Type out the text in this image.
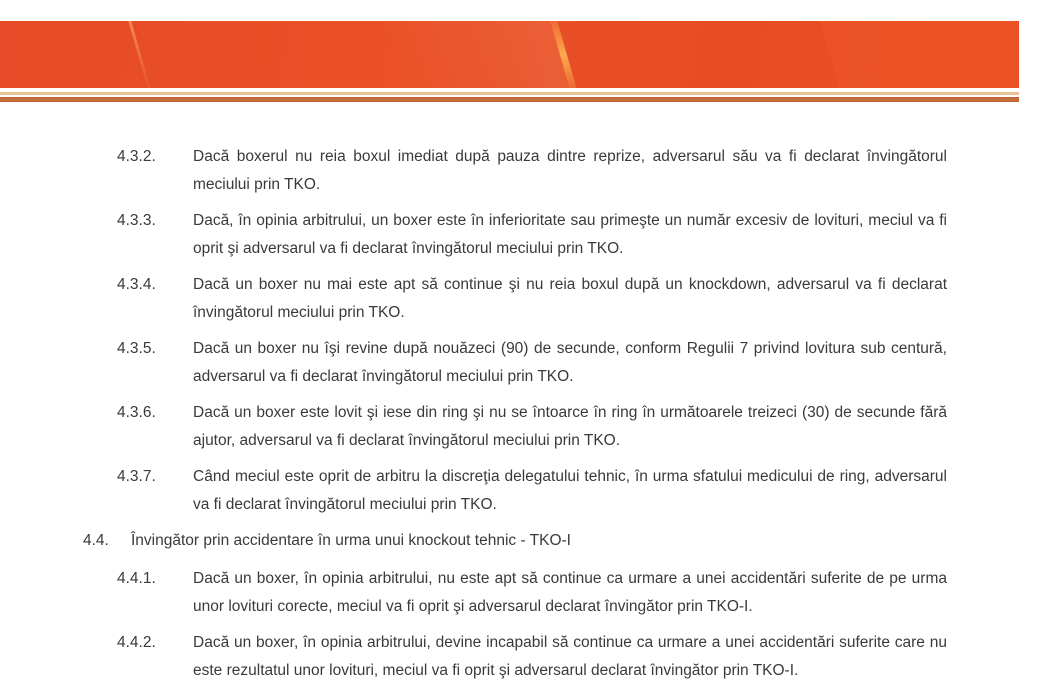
4.3.2.	Dacă boxerul nu reia boxul imediat după pauza dintre reprize, adversarul său va fi declarat învingătorul meciului prin TKO.
4.3.3.	Dacă, în opinia arbitrului, un boxer este în inferioritate sau primeşte un număr excesiv de lovituri, meciul va fi oprit şi adversarul va fi declarat învingătorul meciului prin TKO.
4.3.4.	Dacă un boxer nu mai este apt să continue şi nu reia boxul după un knockdown, adversarul va fi declarat învingătorul meciului prin TKO.
4.3.5.	Dacă un boxer nu îşi revine după nouăzeci (90) de secunde, conform Regulii 7 privind lovitura sub centură, adversarul va fi declarat învingătorul meciului prin TKO.
4.3.6.	Dacă un boxer este lovit şi iese din ring şi nu se întoarce în ring în următoarele treizeci (30) de secunde fără ajutor, adversarul va fi declarat învingătorul meciului prin TKO.
4.3.7.	Când meciul este oprit de arbitru la discreţia delegatului tehnic, în urma sfatului medicului de ring, adversarul va fi declarat învingătorul meciului prin TKO.
4.4.	Învingător prin accidentare în urma unui knockout tehnic - TKO-I
4.4.1.	Dacă un boxer, în opinia arbitrului, nu este apt să continue ca urmare a unei accidentări suferite de pe urma unor lovituri corecte, meciul va fi oprit şi adversarul declarat învingător prin TKO-I.
4.4.2.	Dacă un boxer, în opinia arbitrului, devine incapabil să continue ca urmare a unei accidentări suferite care nu este rezultatul unor lovituri, meciul va fi oprit şi adversarul declarat învingător prin TKO-I.
